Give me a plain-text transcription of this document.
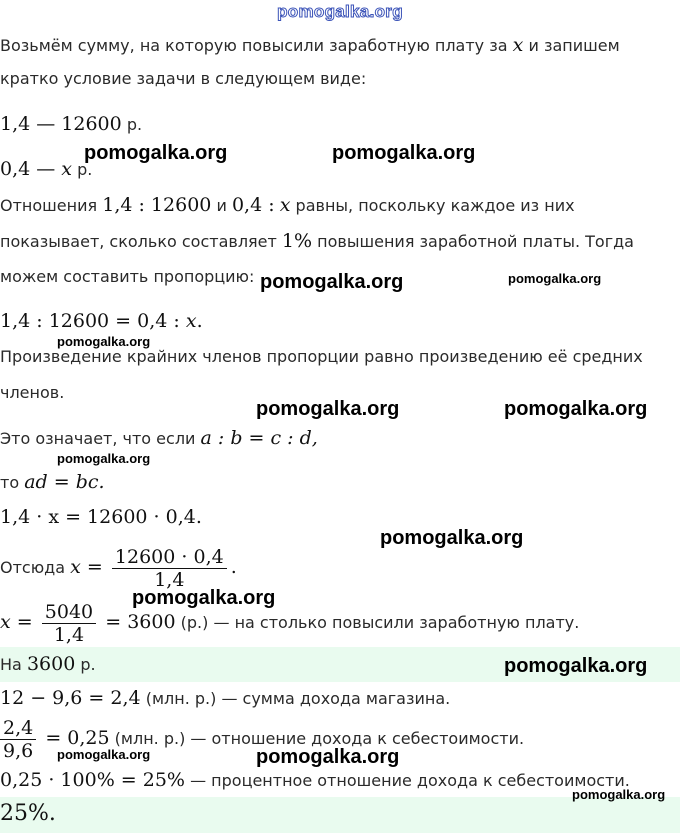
pomogalka.org
Возьмём сумму, на которую повысили заработную плату за x и запишем
кратко условие задачи в следующем виде:
1,4 — 12600 р.
0,4 — x р.
Отношения 1,4 : 12600 и 0,4 : x равны, поскольку каждое из них
показывает, сколько составляет 1% повышения заработной платы. Тогда
можем составить пропорцию:
1,4 : 12600 = 0,4 : x.
Произведение крайних членов пропорции равно произведению её средних
членов.
Это означает, что если a : b = c : d,
то ad = bc.
1,4 · x = 12600 · 0,4.
Отсюда $x = \frac{12600 \cdot 0,4}{1,4}$ .
$x = \frac{5040}{1,4} = 3600$ (р.) — на столько повысили заработную плату.
На 3600 р.
12 − 9,6 = 2,4 (млн. р.) — сумма дохода магазина.
$\frac{2,4}{9,6} = 0,25$ (млн. р.) — отношение дохода к себестоимости.
0,25 · 100% = 25% — процентное отношение дохода к себестоимости.
25%.
pomogalka.org	pomogalka.org
pomogalka.org	pomogalka.org
pomogalka.org
pomogalka.org	pomogalka.org
pomogalka.org
pomogalka.org
pomogalka.org
pomogalka.org
pomogalka.org	pomogalka.org
pomogalka.org
